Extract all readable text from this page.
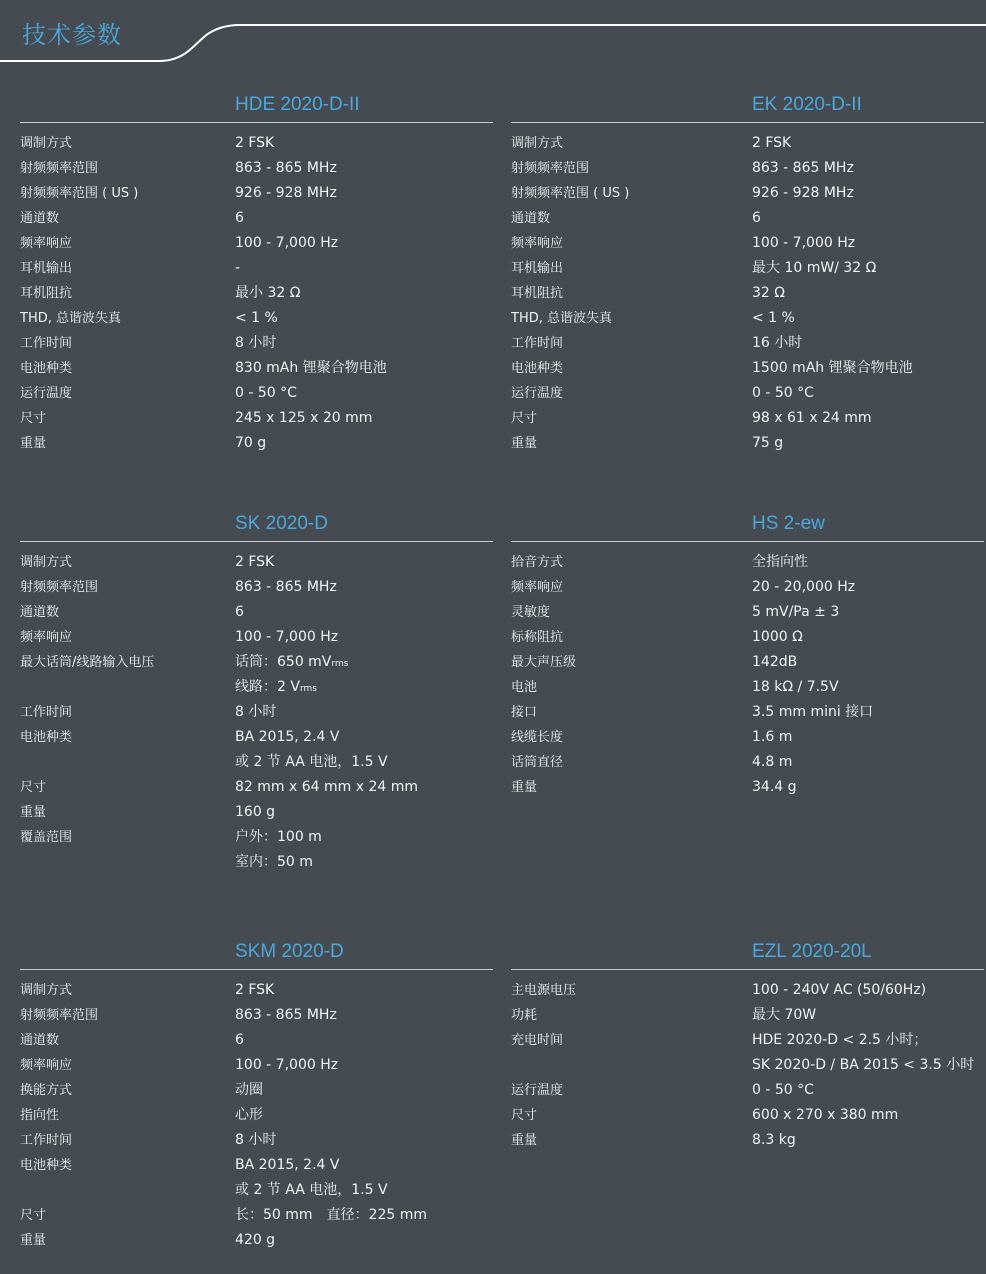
技术参数
HDE 2020-D-II
调制方式	2 FSK
射频频率范围	863 - 865 MHz
射频频率范围 ( US )	926 - 928 MHz
通道数	6
频率响应	100 - 7,000 Hz
耳机输出	-
耳机阻抗	最小 32 Ω
THD, 总谐波失真	< 1 %
工作时间	8 小时
电池种类	830 mAh 锂聚合物电池
运行温度	0 - 50 °C
尺寸	245 x 125 x 20 mm
重量	70 g
EK 2020-D-II
调制方式	2 FSK
射频频率范围	863 - 865 MHz
射频频率范围 ( US )	926 - 928 MHz
通道数	6
频率响应	100 - 7,000 Hz
耳机输出	最大 10 mW/ 32 Ω
耳机阻抗	32 Ω
THD, 总谐波失真	< 1 %
工作时间	16 小时
电池种类	1500 mAh 锂聚合物电池
运行温度	0 - 50 °C
尺寸	98 x 61 x 24 mm
重量	75 g
SK 2020-D
调制方式	2 FSK
射频频率范围	863 - 865 MHz
通道数	6
频率响应	100 - 7,000 Hz
最大话筒/线路输入电压	话筒：650 mVrms
线路：2 Vrms
工作时间	8 小时
电池种类	BA 2015, 2.4 V
或 2 节 AA 电池，1.5 V
尺寸	82 mm x 64 mm x 24 mm
重量	160 g
覆盖范围	户外：100 m
室内：50 m
HS 2-ew
拾音方式	全指向性
频率响应	20 - 20,000 Hz
灵敏度	5 mV/Pa ± 3
标称阻抗	1000 Ω
最大声压级	142dB
电池	18 kΩ / 7.5V
接口	3.5 mm mini 接口
线缆长度	1.6 m
话筒直径	4.8 m
重量	34.4 g
SKM 2020-D
调制方式	2 FSK
射频频率范围	863 - 865 MHz
通道数	6
频率响应	100 - 7,000 Hz
换能方式	动圈
指向性	心形
工作时间	8 小时
电池种类	BA 2015, 2.4 V
或 2 节 AA 电池，1.5 V
尺寸	长：50 mm　直径：225 mm
重量	420 g
EZL 2020-20L
主电源电压	100 - 240V AC (50/60Hz)
功耗	最大 70W
充电时间	HDE 2020-D < 2.5 小时；
SK 2020-D / BA 2015 < 3.5 小时
运行温度	0 - 50 °C
尺寸	600 x 270 x 380 mm
重量	8.3 kg
